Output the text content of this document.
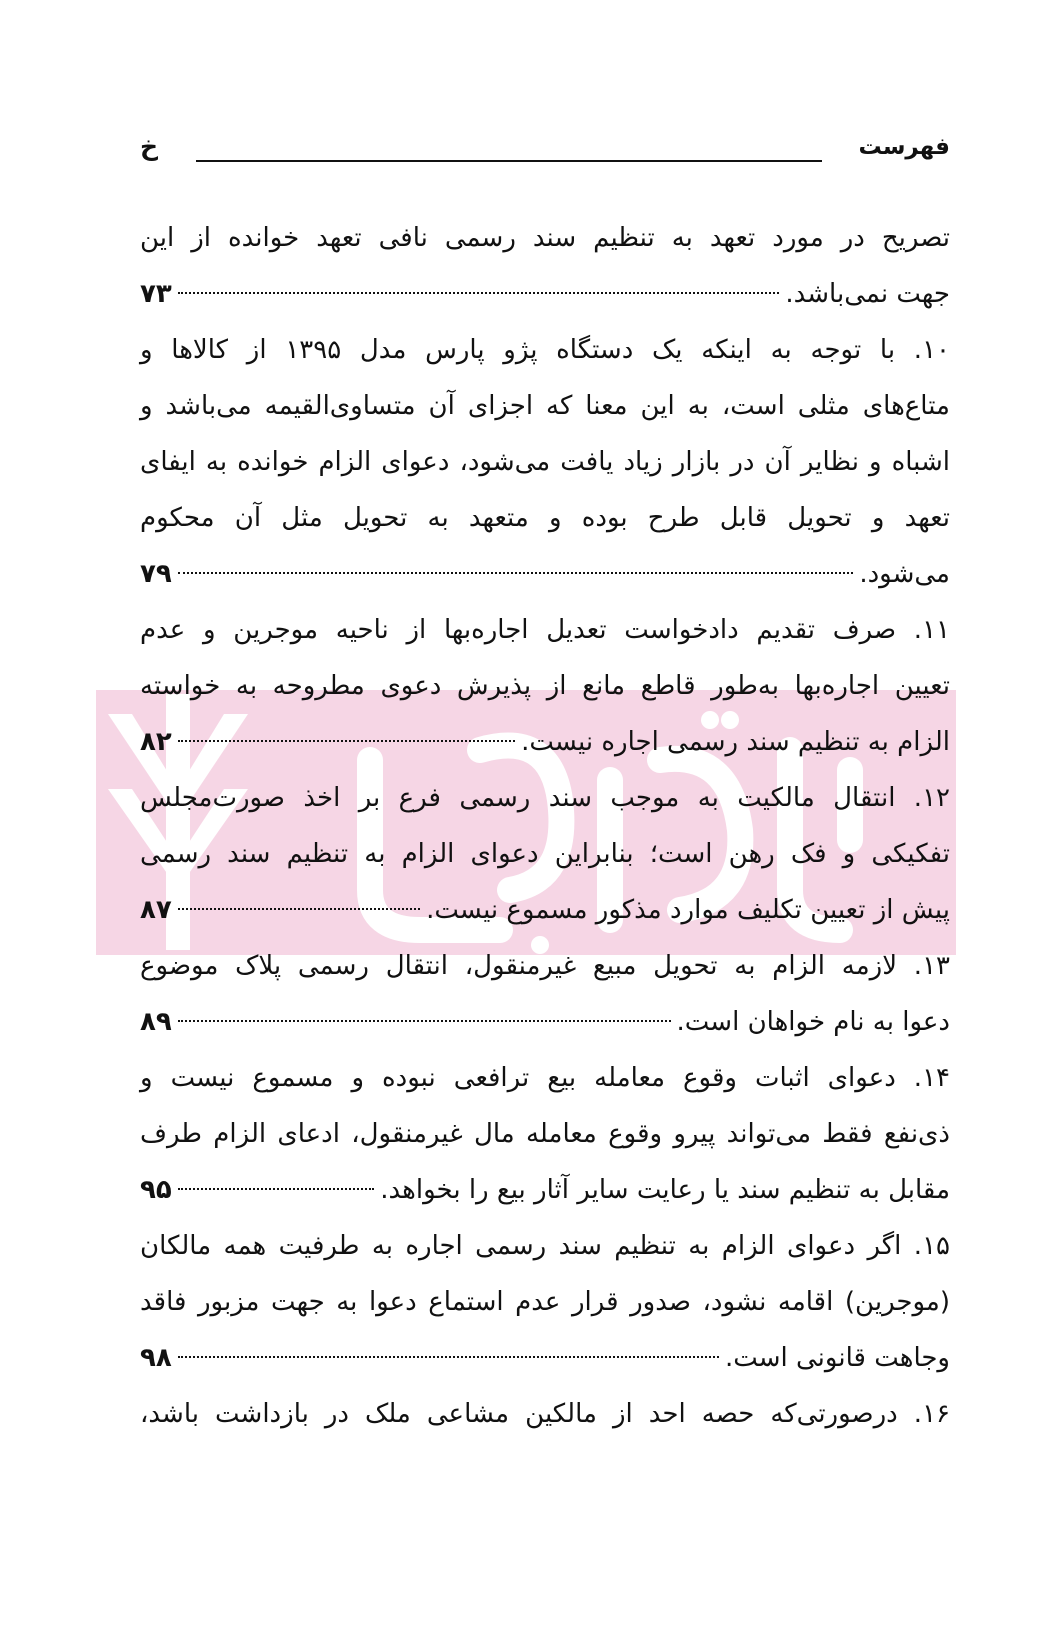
فهرست
خ
تصریح در مورد تعهد به تنظیم سند رسمی نافی تعهد خوانده از این
جهت نمی‌باشد.
۷۳
۱۰. با توجه به اینکه یک دستگاه پژو پارس مدل ۱۳۹۵ از کالاها و
متاع‌های مثلی است، به این معنا که اجزای آن متساوی‌القیمه می‌باشد و
اشباه و نظایر آن در بازار زیاد یافت می‌شود، دعوای الزام خوانده به ایفای
تعهد و تحویل قابل طرح بوده و متعهد به تحویل مثل آن محکوم
می‌شود.
۷۹
۱۱. صرف تقدیم دادخواست تعدیل اجاره‌بها از ناحیه موجرین و عدم
تعیین اجاره‌بها به‌طور قاطع مانع از پذیرش دعوی مطروحه به خواسته
الزام به تنظیم سند رسمی اجاره نیست.
۸۲
۱۲. انتقال مالکیت به موجب سند رسمی فرع بر اخذ صورت‌مجلس
تفکیکی و فک رهن است؛ بنابراین دعوای الزام به تنظیم سند رسمی
پیش از تعیین تکلیف موارد مذکور مسموع نیست.
۸۷
۱۳. لازمه الزام به تحویل مبیع غیرمنقول، انتقال رسمی پلاک موضوع
دعوا به نام خواهان است.
۸۹
۱۴. دعوای اثبات وقوع معامله بیع ترافعی نبوده و مسموع نیست و
ذی‌نفع فقط می‌تواند پیرو وقوع معامله مال غیرمنقول، ادعای الزام طرف
مقابل به تنظیم سند یا رعایت سایر آثار بیع را بخواهد.
۹۵
۱۵. اگر دعوای الزام به تنظیم سند رسمی اجاره به طرفیت همه مالکان
(موجرین) اقامه نشود، صدور قرار عدم استماع دعوا به جهت مزبور فاقد
وجاهت قانونی است.
۹۸
۱۶. درصورتی‌که حصه احد از مالکین مشاعی ملک در بازداشت باشد،
